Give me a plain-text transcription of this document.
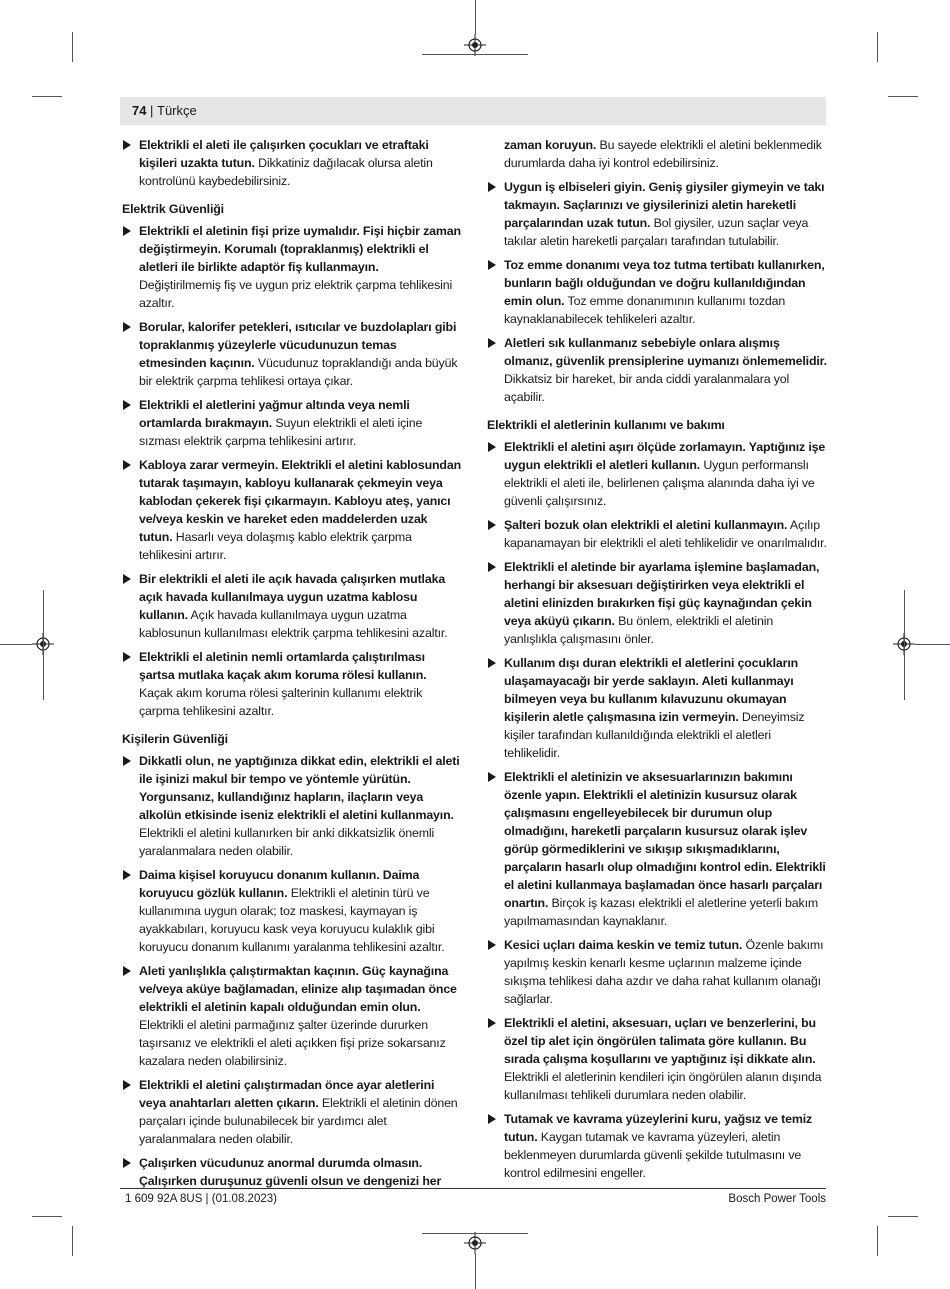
74 | Türkçe
Elektrikli el aleti ile çalışırken çocukları ve etraftaki kişileri uzakta tutun. Dikkatiniz dağılacak olursa aletin kontrolünü kaybedebilirsiniz.
Elektrik Güvenliği
Elektrikli el aletinin fişi prize uymalıdır. Fişi hiçbir zaman değiştirmeyin. Korumalı (topraklanmış) elektrikli el aletleri ile birlikte adaptör fiş kullanmayın. Değiştirilmemiş fiş ve uygun priz elektrik çarpma tehlikesini azaltır.
Borular, kalorifer petekleri, ısıtıcılar ve buzdolapları gibi topraklanmış yüzeylerle vücudunuzun temas etmesinden kaçının. Vücudunuz topraklandığı anda büyük bir elektrik çarpma tehlikesi ortaya çıkar.
Elektrikli el aletlerini yağmur altında veya nemli ortamlarda bırakmayın. Suyun elektrikli el aleti içine sızması elektrik çarpma tehlikesini artırır.
Kabloya zarar vermeyin. Elektrikli el aletini kablosundan tutarak taşımayın, kabloyu kullanarak çekmeyin veya kablodan çekerek fişi çıkarmayın. Kabloyu ateş, yanıcı ve/veya keskin ve hareket eden maddelerden uzak tutun. Hasarlı veya dolaşmış kablo elektrik çarpma tehlikesini artırır.
Bir elektrikli el aleti ile açık havada çalışırken mutlaka açık havada kullanılmaya uygun uzatma kablosu kullanın. Açık havada kullanılmaya uygun uzatma kablosunun kullanılması elektrik çarpma tehlikesini azaltır.
Elektrikli el aletinin nemli ortamlarda çalıştırılması şartsa mutlaka kaçak akım koruma rölesi kullanın. Kaçak akım koruma rölesi şalterinin kullanımı elektrik çarpma tehlikesini azaltır.
Kişilerin Güvenliği
Dikkatli olun, ne yaptığınıza dikkat edin, elektrikli el aleti ile işinizi makul bir tempo ve yöntemle yürütün. Yorgunsanız, kullandığınız hapların, ilaçların veya alkolün etkisinde iseniz elektrikli el aletini kullanmayın. Elektrikli el aletini kullanırken bir anki dikkatsizlik önemli yaralanmalara neden olabilir.
Daima kişisel koruyucu donanım kullanın. Daima koruyucu gözlük kullanın. Elektrikli el aletinin türü ve kullanımına uygun olarak; toz maskesi, kaymayan iş ayakkabıları, koruyucu kask veya koruyucu kulaklık gibi koruyucu donanım kullanımı yaralanma tehlikesini azaltır.
Aleti yanlışlıkla çalıştırmaktan kaçının. Güç kaynağına ve/veya aküye bağlamadan, elinize alıp taşımadan önce elektrikli el aletinin kapalı olduğundan emin olun. Elektrikli el aletini parmağınız şalter üzerinde dururken taşırsanız ve elektrikli el aleti açıkken fişi prize sokarsanız kazalara neden olabilirsiniz.
Elektrikli el aletini çalıştırmadan önce ayar aletlerini veya anahtarları aletten çıkarın. Elektrikli el aletinin dönen parçaları içinde bulunabilecek bir yardımcı alet yaralanmalara neden olabilir.
Çalışırken vücudunuz anormal durumda olmasın. Çalışırken duruşunuz güvenli olsun ve dengenizi her
zaman koruyun. Bu sayede elektrikli el aletini beklenmedik durumlarda daha iyi kontrol edebilirsiniz.
Uygun iş elbiseleri giyin. Geniş giysiler giymeyin ve takı takmayın. Saçlarınızı ve giysilerinizi aletin hareketli parçalarından uzak tutun. Bol giysiler, uzun saçlar veya takılar aletin hareketli parçaları tarafından tutulabilir.
Toz emme donanımı veya toz tutma tertibatı kullanırken, bunların bağlı olduğundan ve doğru kullanıldığından emin olun. Toz emme donanımının kullanımı tozdan kaynaklanabilecek tehlikeleri azaltır.
Aletleri sık kullanmanız sebebiyle onlara alışmış olmanız, güvenlik prensiplerine uymanızı önlememelidir. Dikkatsiz bir hareket, bir anda ciddi yaralanmalara yol açabilir.
Elektrikli el aletlerinin kullanımı ve bakımı
Elektrikli el aletini aşırı ölçüde zorlamayın. Yaptığınız işe uygun elektrikli el aletleri kullanın. Uygun performanslı elektrikli el aleti ile, belirlenen çalışma alanında daha iyi ve güvenli çalışırsınız.
Şalteri bozuk olan elektrikli el aletini kullanmayın. Açılıp kapanamayan bir elektrikli el aleti tehlikelidir ve onarılmalıdır.
Elektrikli el aletinde bir ayarlama işlemine başlamadan, herhangi bir aksesuarı değiştirirken veya elektrikli el aletini elinizden bırakırken fişi güç kaynağından çekin veya aküyü çıkarın. Bu önlem, elektrikli el aletinin yanlışlıkla çalışmasını önler.
Kullanım dışı duran elektrikli el aletlerini çocukların ulaşamayacağı bir yerde saklayın. Aleti kullanmayı bilmeyen veya bu kullanım kılavuzunu okumayan kişilerin aletle çalışmasına izin vermeyin. Deneyimsiz kişiler tarafından kullanıldığında elektrikli el aletleri tehlikelidir.
Elektrikli el aletinizin ve aksesuarlarınızın bakımını özenle yapın. Elektrikli el aletinizin kusursuz olarak çalışmasını engelleyebilecek bir durumun olup olmadığını, hareketli parçaların kusursuz olarak işlev görüp görmediklerini ve sıkışıp sıkışmadıklarını, parçaların hasarlı olup olmadığını kontrol edin. Elektrikli el aletini kullanmaya başlamadan önce hasarlı parçaları onartın. Birçok iş kazası elektrikli el aletlerine yeterli bakım yapılmamasından kaynaklanır.
Kesici uçları daima keskin ve temiz tutun. Özenle bakımı yapılmış keskin kenarlı kesme uçlarının malzeme içinde sıkışma tehlikesi daha azdır ve daha rahat kullanım olanağı sağlarlar.
Elektrikli el aletini, aksesuarı, uçları ve benzerlerini, bu özel tip alet için öngörülen talimata göre kullanın. Bu sırada çalışma koşullarını ve yaptığınız işi dikkate alın. Elektrikli el aletlerinin kendileri için öngörülen alanın dışında kullanılması tehlikeli durumlara neden olabilir.
Tutamak ve kavrama yüzeylerini kuru, yağsız ve temiz tutun. Kaygan tutamak ve kavrama yüzeyleri, aletin beklenmeyen durumlarda güvenli şekilde tutulmasını ve kontrol edilmesini engeller.
1 609 92A 8US | (01.08.2023)	Bosch Power Tools
